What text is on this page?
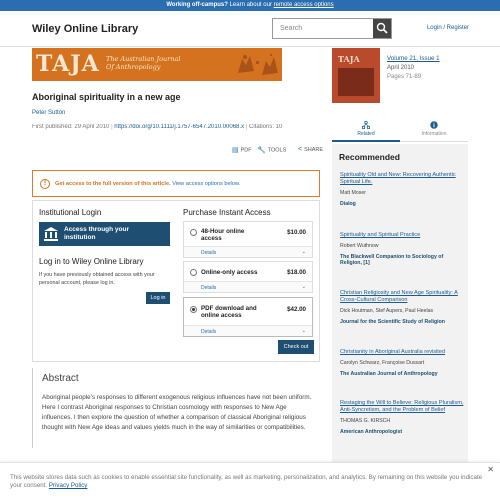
Working off-campus? Learn about our remote access options
Wiley Online Library	Search	Login / Register
TAJA The Australian Journal
Of Anthropology
Aboriginal spirituality in a new age
Peter Sutton
First published: 29 April 2010 | https://doi.org/10.1111/j.1757-6547.2010.00068.x | Citations: 10
▤ PDF 🔧 TOOLS < SHARE
!	Get access to the full version of this article. View access options below.
Institutional Login
Access through your
institution
Log in to Wiley Online Library
If you have previously obtained access with your personal account, please log in.
Log in
Purchase Instant Access
48-Hour online
access
$10.00
Details	⌄
Online-only access	$18.00
Details	⌄
PDF download and
online access
$42.00
Details	⌄
Check out
Abstract
Aboriginal people’s responses to different exogenous religious influences have not been uniform. Here I contrast Aboriginal responses to Christian cosmology with responses to New Age influences. I then explore the question of whether a comparison of classical Aboriginal religious thought with New Age ideas and values yields much in the way of similarities or compatibilities.
TAJA	Volume 21, Issue 1
April 2010
Pages 71-89
Related	Information
Recommended
Spirituality Old and New: Recovering Authentic Spiritual Life.
Matt Moser
Dialog
Spirituality and Spiritual Practice
Robert Wuthnow
The Blackwell Companion to Sociology of Religion, [1]
Christian Religiosity and New Age Spirituality: A Cross-Cultural Comparison
Dick Houtman, Stef Aupers, Paul Heelas
Journal for the Scientific Study of Religion
Christianity in Aboriginal Australia revisited
Carolyn Schwarz, Françoise Dussart
The Australian Journal of Anthropology
Restaging the Will to Believe: Religious Pluralism, Anti-Syncretism, and the Problem of Belief
THOMAS G. KIRSCH
American Anthropologist
This website stores data such as cookies to enable essential site functionality, as well as marketing, personalization, and analytics. By remaining on this website you indicate your consent. Privacy Policy
✕
